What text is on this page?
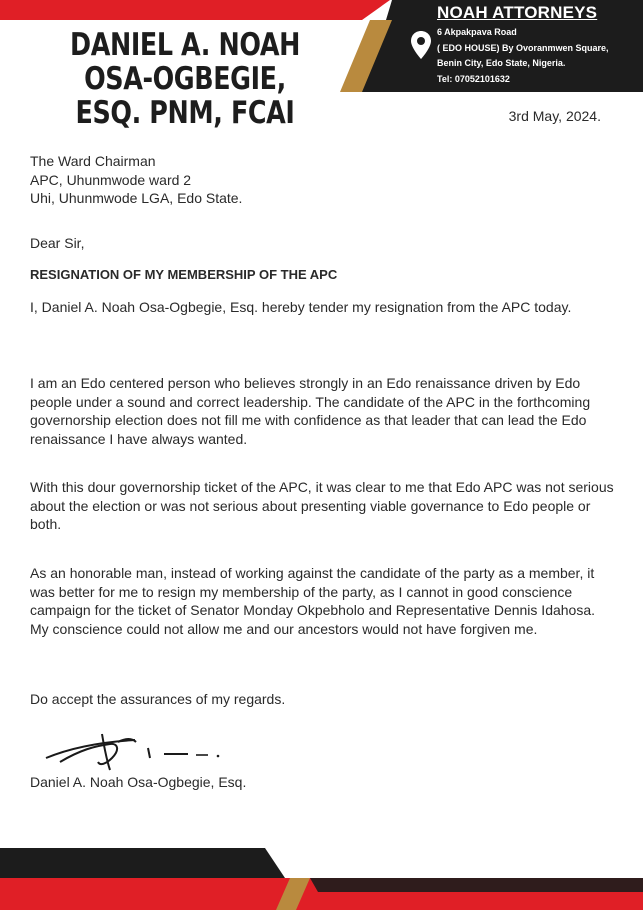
DANIEL A. NOAH OSA-OGBEGIE,
ESQ. PNM, FCAI
NOAH ATTORNEYS
6 Akpakpava Road
( EDO HOUSE) By Ovoranmwen Square,
Benin City, Edo State, Nigeria.
Tel: 07052101632
3rd May, 2024.
The Ward Chairman
APC, Uhunmwode ward 2
Uhi, Uhunmwode LGA, Edo State.
Dear Sir,
RESIGNATION OF MY MEMBERSHIP OF THE APC
I, Daniel A. Noah Osa-Ogbegie, Esq. hereby tender my resignation from the APC today.
I am an Edo centered person who believes strongly in an Edo renaissance driven by Edo people under a sound and correct leadership. The candidate of the APC in the forthcoming governorship election does not fill me with confidence as that leader that can lead the Edo renaissance I have always wanted.
With this dour governorship ticket of the APC, it was clear to me that Edo APC was not serious about the election or was not serious about presenting viable governance to Edo people or both.
As an honorable man, instead of working against the candidate of the party as a member, it was better for me to resign my membership of the party, as I cannot in good conscience campaign for the ticket of Senator Monday Okpebholo and Representative Dennis Idahosa. My conscience could not allow me and our ancestors would not have forgiven me.
Do accept the assurances of my regards.
Daniel A. Noah Osa-Ogbegie, Esq.
